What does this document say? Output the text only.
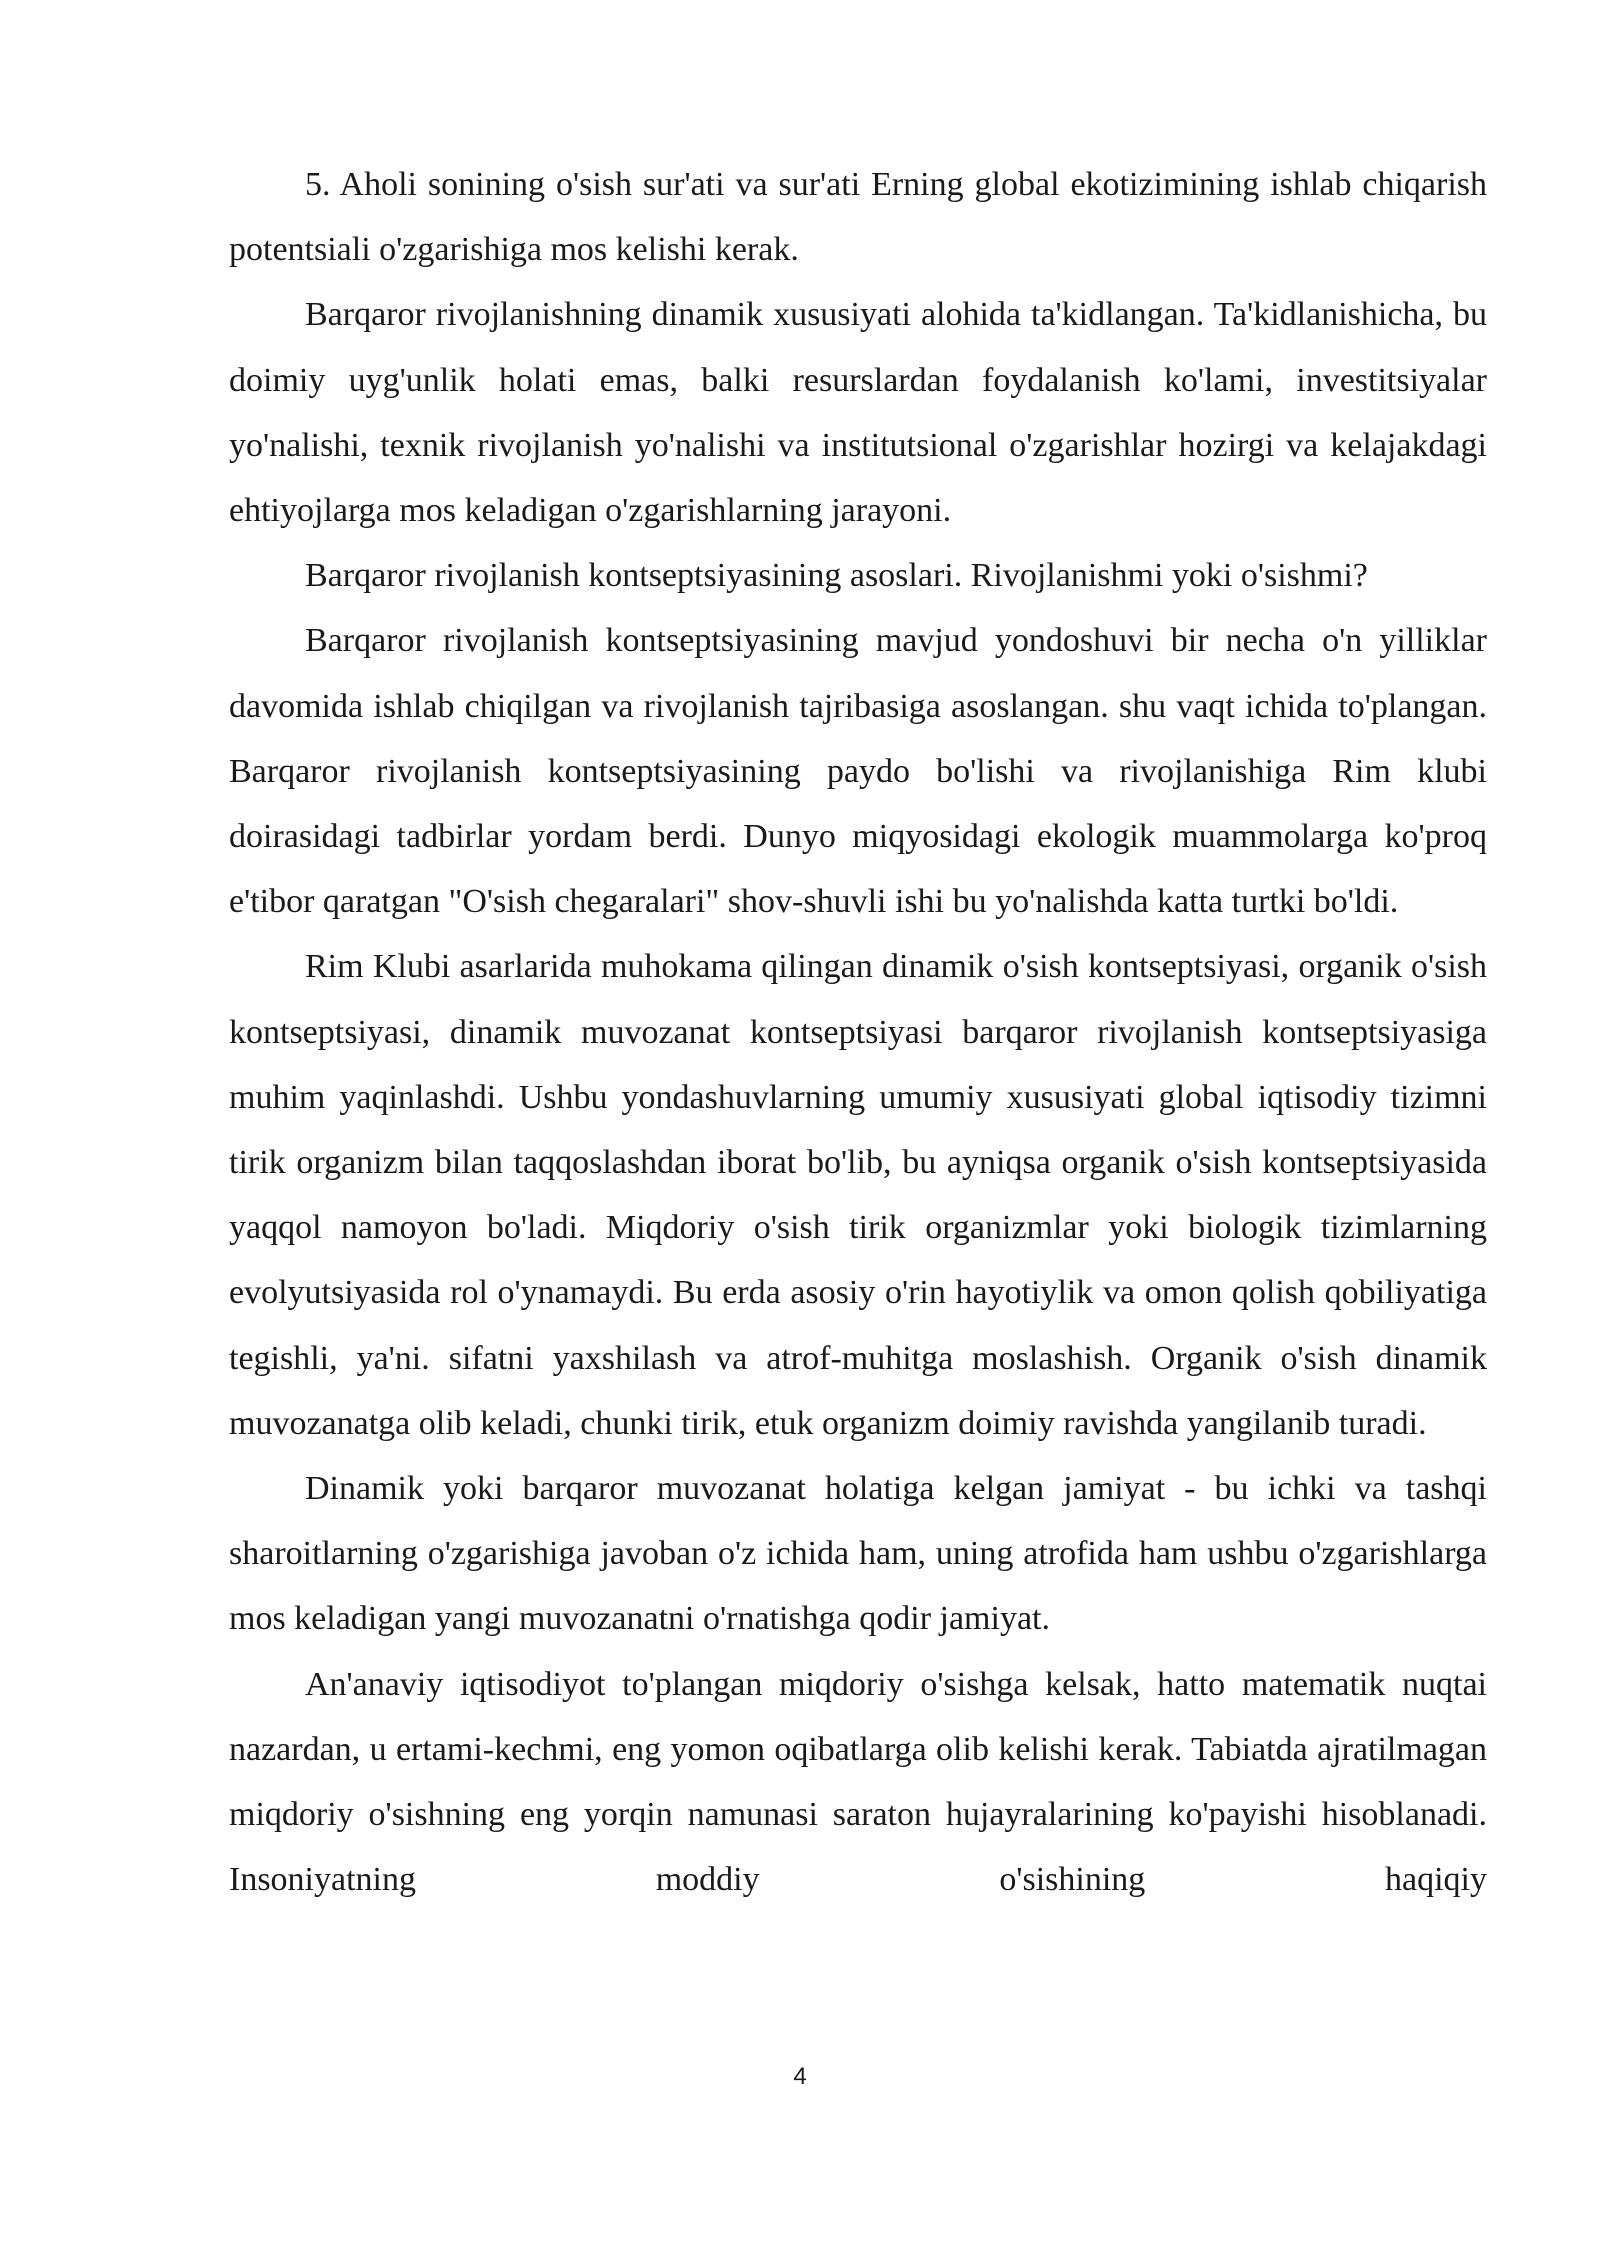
5. Aholi sonining o'sish sur'ati va sur'ati Erning global ekotizimining ishlab chiqarish potentsiali o'zgarishiga mos kelishi kerak.

Barqaror rivojlanishning dinamik xususiyati alohida ta'kidlangan. Ta'kidlanishicha, bu doimiy uyg'unlik holati emas, balki resurslardan foydalanish ko'lami, investitsiyalar yo'nalishi, texnik rivojlanish yo'nalishi va institutsional o'zgarishlar hozirgi va kelajakdagi ehtiyojlarga mos keladigan o'zgarishlarning jarayoni.

Barqaror rivojlanish kontseptsiyasining asoslari. Rivojlanishmi yoki o'sishmi?

Barqaror rivojlanish kontseptsiyasining mavjud yondoshuvi bir necha o'n yilliklar davomida ishlab chiqilgan va rivojlanish tajribasiga asoslangan. shu vaqt ichida to'plangan. Barqaror rivojlanish kontseptsiyasining paydo bo'lishi va rivojlanishiga Rim klubi doirasidagi tadbirlar yordam berdi. Dunyo miqyosidagi ekologik muammolarga ko'proq e'tibor qaratgan "O'sish chegaralari" shov-shuvli ishi bu yo'nalishda katta turtki bo'ldi.

Rim Klubi asarlarida muhokama qilingan dinamik o'sish kontseptsiyasi, organik o'sish kontseptsiyasi, dinamik muvozanat kontseptsiyasi barqaror rivojlanish kontseptsiyasiga muhim yaqinlashdi. Ushbu yondashuvlarning umumiy xususiyati global iqtisodiy tizimni tirik organizm bilan taqqoslashdan iborat bo'lib, bu ayniqsa organik o'sish kontseptsiyasida yaqqol namoyon bo'ladi. Miqdoriy o'sish tirik organizmlar yoki biologik tizimlarning evolyutsiyasida rol o'ynamaydi. Bu erda asosiy o'rin hayotiylik va omon qolish qobiliyatiga tegishli, ya'ni. sifatni yaxshilash va atrof-muhitga moslashish. Organik o'sish dinamik muvozanatga olib keladi, chunki tirik, etuk organizm doimiy ravishda yangilanib turadi.

Dinamik yoki barqaror muvozanat holatiga kelgan jamiyat - bu ichki va tashqi sharoitlarning o'zgarishiga javoban o'z ichida ham, uning atrofida ham ushbu o'zgarishlarga mos keladigan yangi muvozanatni o'rnatishga qodir jamiyat.

An'anaviy iqtisodiyot to'plangan miqdoriy o'sishga kelsak, hatto matematik nuqtai nazardan, u ertami-kechmi, eng yomon oqibatlarga olib kelishi kerak. Tabiatda ajratilmagan miqdoriy o'sishning eng yorqin namunasi saraton hujayralarining ko'payishi hisoblanadi. Insoniyatning moddiy o'sishining haqiqiy

4
